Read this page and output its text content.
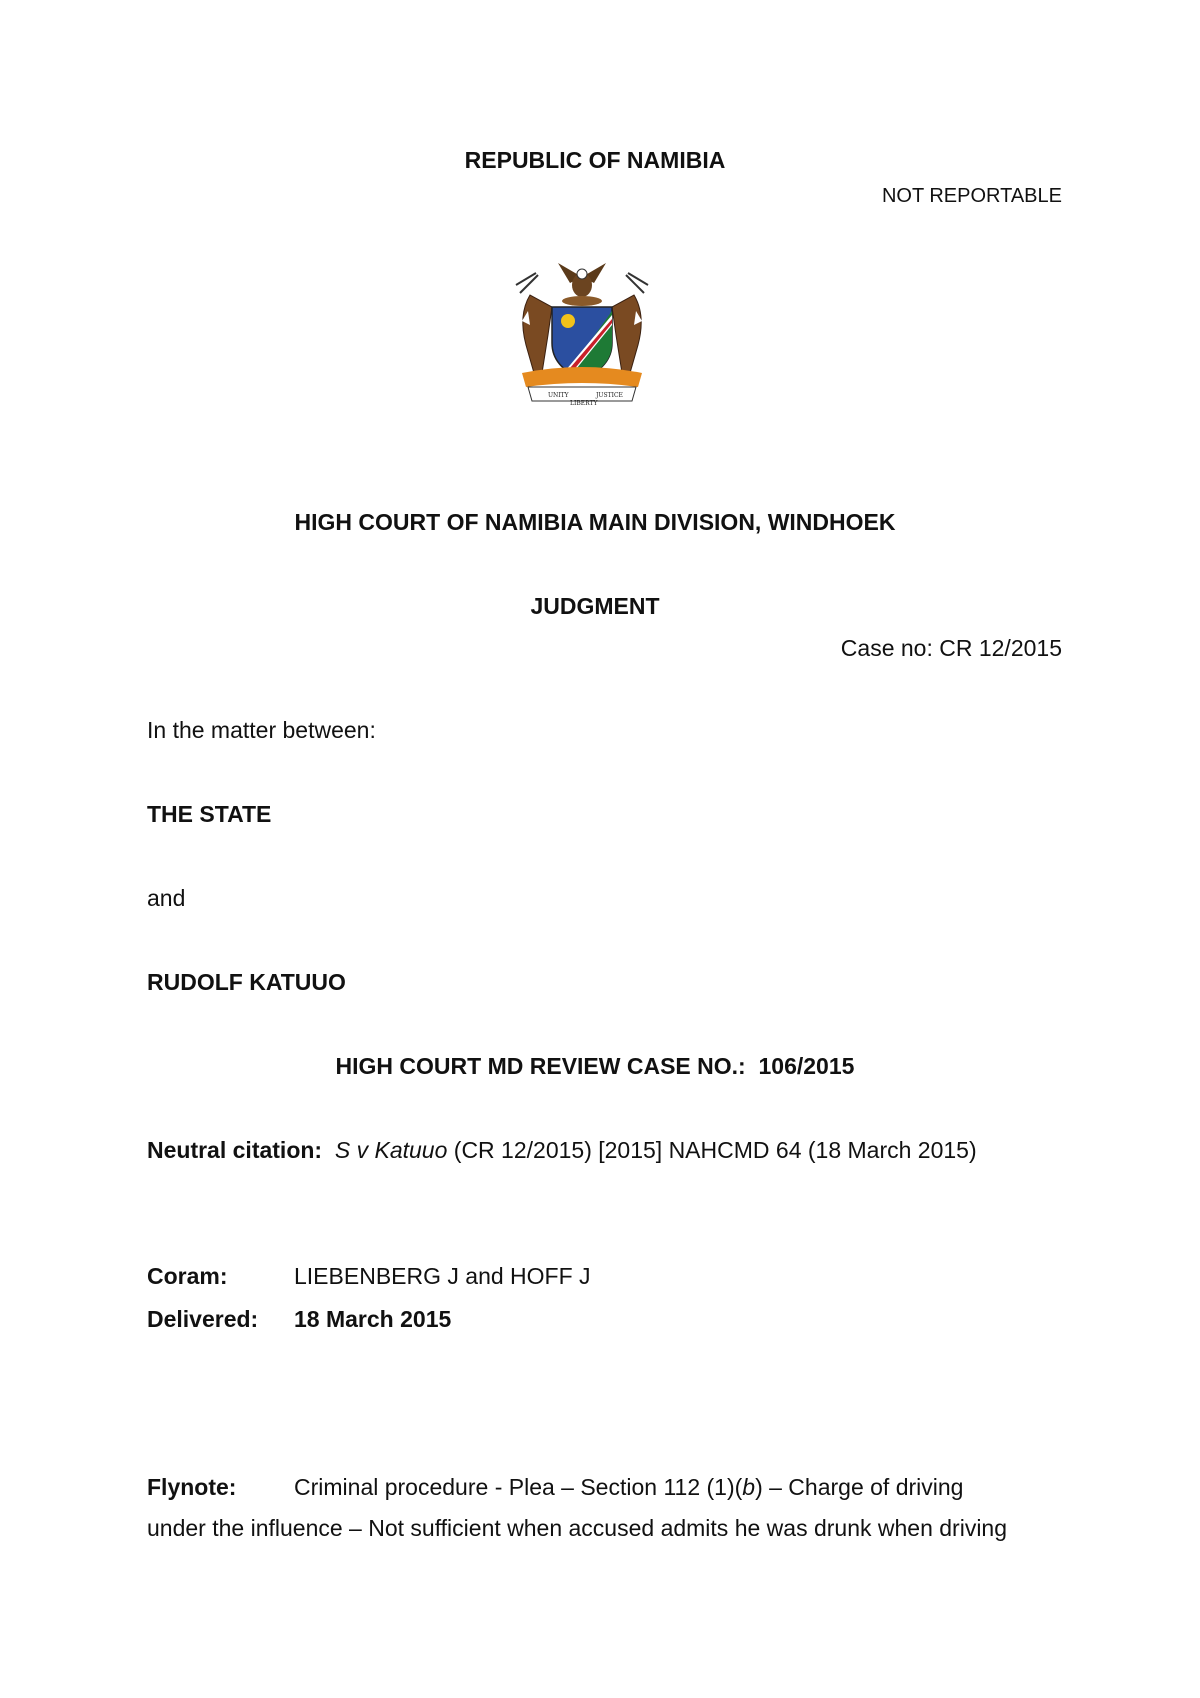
REPUBLIC OF NAMIBIA
NOT REPORTABLE
UNITY
LIBERTY
JUSTICE
HIGH COURT OF NAMIBIA MAIN DIVISION, WINDHOEK
JUDGMENT
Case no: CR 12/2015
In the matter between:
THE STATE
and
RUDOLF KATUUO
HIGH COURT MD REVIEW CASE NO.: 106/2015
Neutral citation: S v Katuuo (CR 12/2015) [2015] NAHCMD 64 (18 March 2015)
Coram:	LIEBENBERG J and HOFF J
Delivered: 18 March 2015
Flynote:	Criminal procedure - Plea – Section 112 (1)(b) – Charge of driving
under the influence – Not sufficient when accused admits he was drunk when driving
